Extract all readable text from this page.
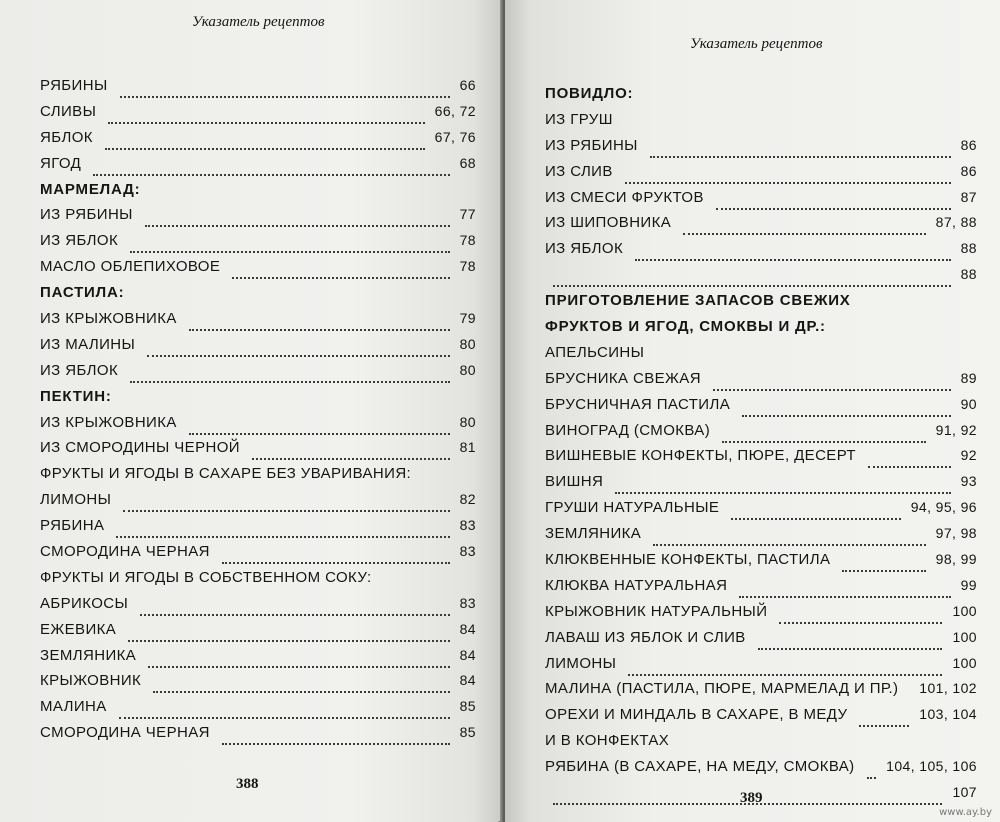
Указатель рецептов
РЯБИНЫ	66
СЛИВЫ	66, 72
ЯБЛОК	67, 76
ЯГОД	68
МАРМЕЛАД:
ИЗ РЯБИНЫ	77
ИЗ ЯБЛОК	78
МАСЛО ОБЛЕПИХОВОЕ	78
ПАСТИЛА:
ИЗ КРЫЖОВНИКА	79
ИЗ МАЛИНЫ	80
ИЗ ЯБЛОК	80
ПЕКТИН:
ИЗ КРЫЖОВНИКА	80
ИЗ СМОРОДИНЫ ЧЕРНОЙ	81
ФРУКТЫ И ЯГОДЫ В САХАРЕ БЕЗ УВАРИВАНИЯ:
ЛИМОНЫ	82
РЯБИНА	83
СМОРОДИНА ЧЕРНАЯ	83
ФРУКТЫ И ЯГОДЫ В СОБСТВЕННОМ СОКУ:
АБРИКОСЫ	83
ЕЖЕВИКА	84
ЗЕМЛЯНИКА	84
КРЫЖОВНИК	84
МАЛИНА	85
СМОРОДИНА ЧЕРНАЯ	85
388
Указатель рецептов
ПОВИДЛО:
ИЗ ГРУШ
ИЗ РЯБИНЫ	86
ИЗ СЛИВ	86
ИЗ СМЕСИ ФРУКТОВ	87
ИЗ ШИПОВНИКА	87, 88
ИЗ ЯБЛОК	88
88
ПРИГОТОВЛЕНИЕ ЗАПАСОВ СВЕЖИХ
ФРУКТОВ И ЯГОД, СМОКВЫ И ДР.:
АПЕЛЬСИНЫ
БРУСНИКА СВЕЖАЯ	89
БРУСНИЧНАЯ ПАСТИЛА	90
ВИНОГРАД (СМОКВА)	91, 92
ВИШНЕВЫЕ КОНФЕКТЫ, ПЮРЕ, ДЕСЕРТ	92
ВИШНЯ	93
ГРУШИ НАТУРАЛЬНЫЕ	94, 95, 96
ЗЕМЛЯНИКА	97, 98
КЛЮКВЕННЫЕ КОНФЕКТЫ, ПАСТИЛА	98, 99
КЛЮКВА НАТУРАЛЬНАЯ	99
КРЫЖОВНИК НАТУРАЛЬНЫЙ	100
ЛАВАШ ИЗ ЯБЛОК И СЛИВ	100
ЛИМОНЫ	100
МАЛИНА (ПАСТИЛА, ПЮРЕ, МАРМЕЛАД И ПР.) 101, 102
ОРЕХИ И МИНДАЛЬ В САХАРЕ, В МЕДУ	103, 104
И В КОНФЕКТАХ
РЯБИНА (В САХАРЕ, НА МЕДУ, СМОКВА) 104, 105, 106
107
389
www.ay.by
